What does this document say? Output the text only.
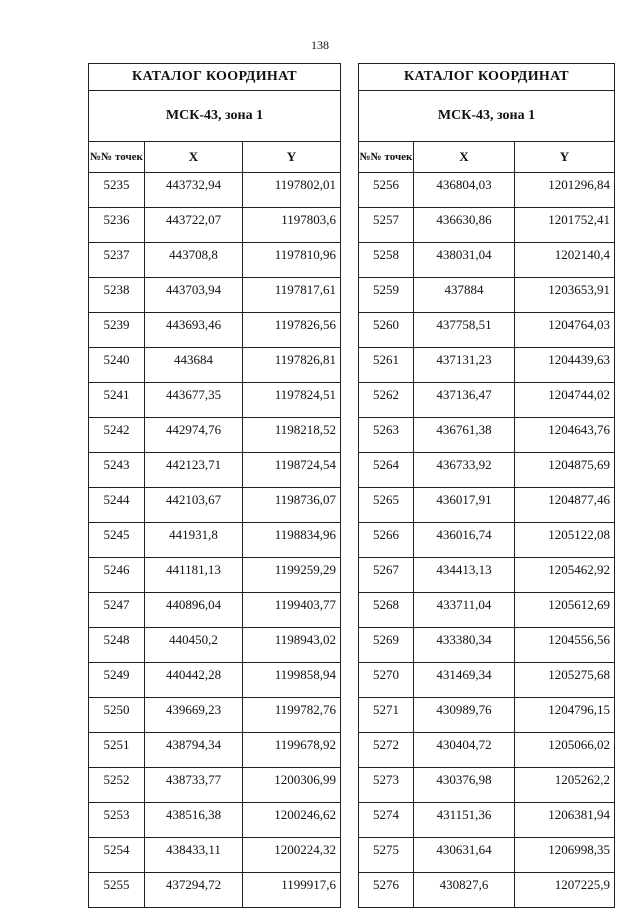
138
КАТАЛОГ КООРДИНАТ		
МСК-43, зона 1		
№№ точек	X	Y
5235	443732,94	1197802,01
5236	443722,07	1197803,6
5237	443708,8	1197810,96
5238	443703,94	1197817,61
5239	443693,46	1197826,56
5240	443684	1197826,81
5241	443677,35	1197824,51
5242	442974,76	1198218,52
5243	442123,71	1198724,54
5244	442103,67	1198736,07
5245	441931,8	1198834,96
5246	441181,13	1199259,29
5247	440896,04	1199403,77
5248	440450,2	1198943,02
5249	440442,28	1199858,94
5250	439669,23	1199782,76
5251	438794,34	1199678,92
5252	438733,77	1200306,99
5253	438516,38	1200246,62
5254	438433,11	1200224,32
5255	437294,72	1199917,6
КАТАЛОГ КООРДИНАТ		
МСК-43, зона 1		
№№ точек	X	Y
5256	436804,03	1201296,84
5257	436630,86	1201752,41
5258	438031,04	1202140,4
5259	437884	1203653,91
5260	437758,51	1204764,03
5261	437131,23	1204439,63
5262	437136,47	1204744,02
5263	436761,38	1204643,76
5264	436733,92	1204875,69
5265	436017,91	1204877,46
5266	436016,74	1205122,08
5267	434413,13	1205462,92
5268	433711,04	1205612,69
5269	433380,34	1204556,56
5270	431469,34	1205275,68
5271	430989,76	1204796,15
5272	430404,72	1205066,02
5273	430376,98	1205262,2
5274	431151,36	1206381,94
5275	430631,64	1206998,35
5276	430827,6	1207225,9
